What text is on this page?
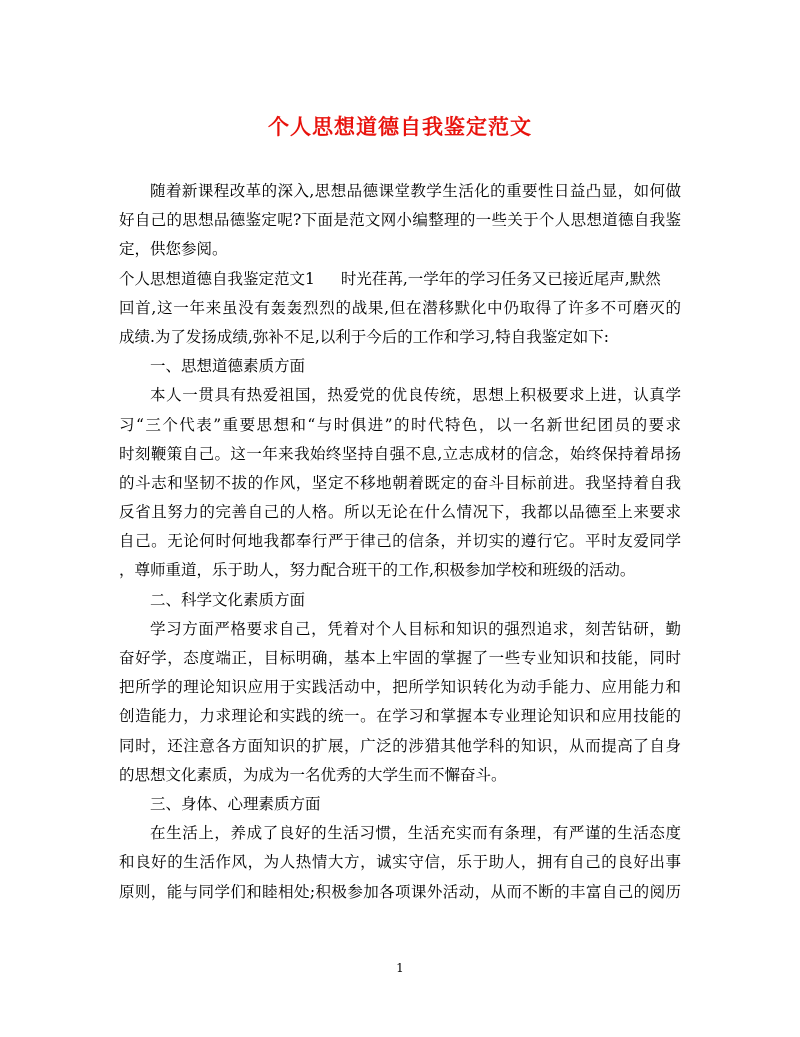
个人思想道德自我鉴定范文
随着新课程改革的深入,思想品德课堂教学生活化的重要性日益凸显，如何做
好自己的思想品德鉴定呢?下面是范文网小编整理的一些关于个人思想道德自我鉴
定，供您参阅。
个人思想道德自我鉴定范文1 时光荏苒,一学年的学习任务又已接近尾声,默然
回首,这一年来虽没有轰轰烈烈的战果,但在潜移默化中仍取得了许多不可磨灭的
成绩.为了发扬成绩,弥补不足,以利于今后的工作和学习,特自我鉴定如下:
一、思想道德素质方面
本人一贯具有热爱祖国，热爱党的优良传统，思想上积极要求上进，认真学
习“三个代表”重要思想和“与时俱进”的时代特色，以一名新世纪团员的要求
时刻鞭策自己。这一年来我始终坚持自强不息,立志成材的信念，始终保持着昂扬
的斗志和坚韧不拔的作风，坚定不移地朝着既定的奋斗目标前进。我坚持着自我
反省且努力的完善自己的人格。所以无论在什么情况下，我都以品德至上来要求
自己。无论何时何地我都奉行严于律己的信条，并切实的遵行它。平时友爱同学
，尊师重道，乐于助人，努力配合班干的工作,积极参加学校和班级的活动。
二、科学文化素质方面
学习方面严格要求自己，凭着对个人目标和知识的强烈追求，刻苦钻研，勤
奋好学，态度端正，目标明确，基本上牢固的掌握了一些专业知识和技能，同时
把所学的理论知识应用于实践活动中，把所学知识转化为动手能力、应用能力和
创造能力，力求理论和实践的统一。在学习和掌握本专业理论知识和应用技能的
同时，还注意各方面知识的扩展，广泛的涉猎其他学科的知识，从而提高了自身
的思想文化素质，为成为一名优秀的大学生而不懈奋斗。
三、身体、心理素质方面
在生活上，养成了良好的生活习惯，生活充实而有条理，有严谨的生活态度
和良好的生活作风，为人热情大方，诚实守信，乐于助人，拥有自己的良好出事
原则，能与同学们和睦相处;积极参加各项课外活动，从而不断的丰富自己的阅历
1
